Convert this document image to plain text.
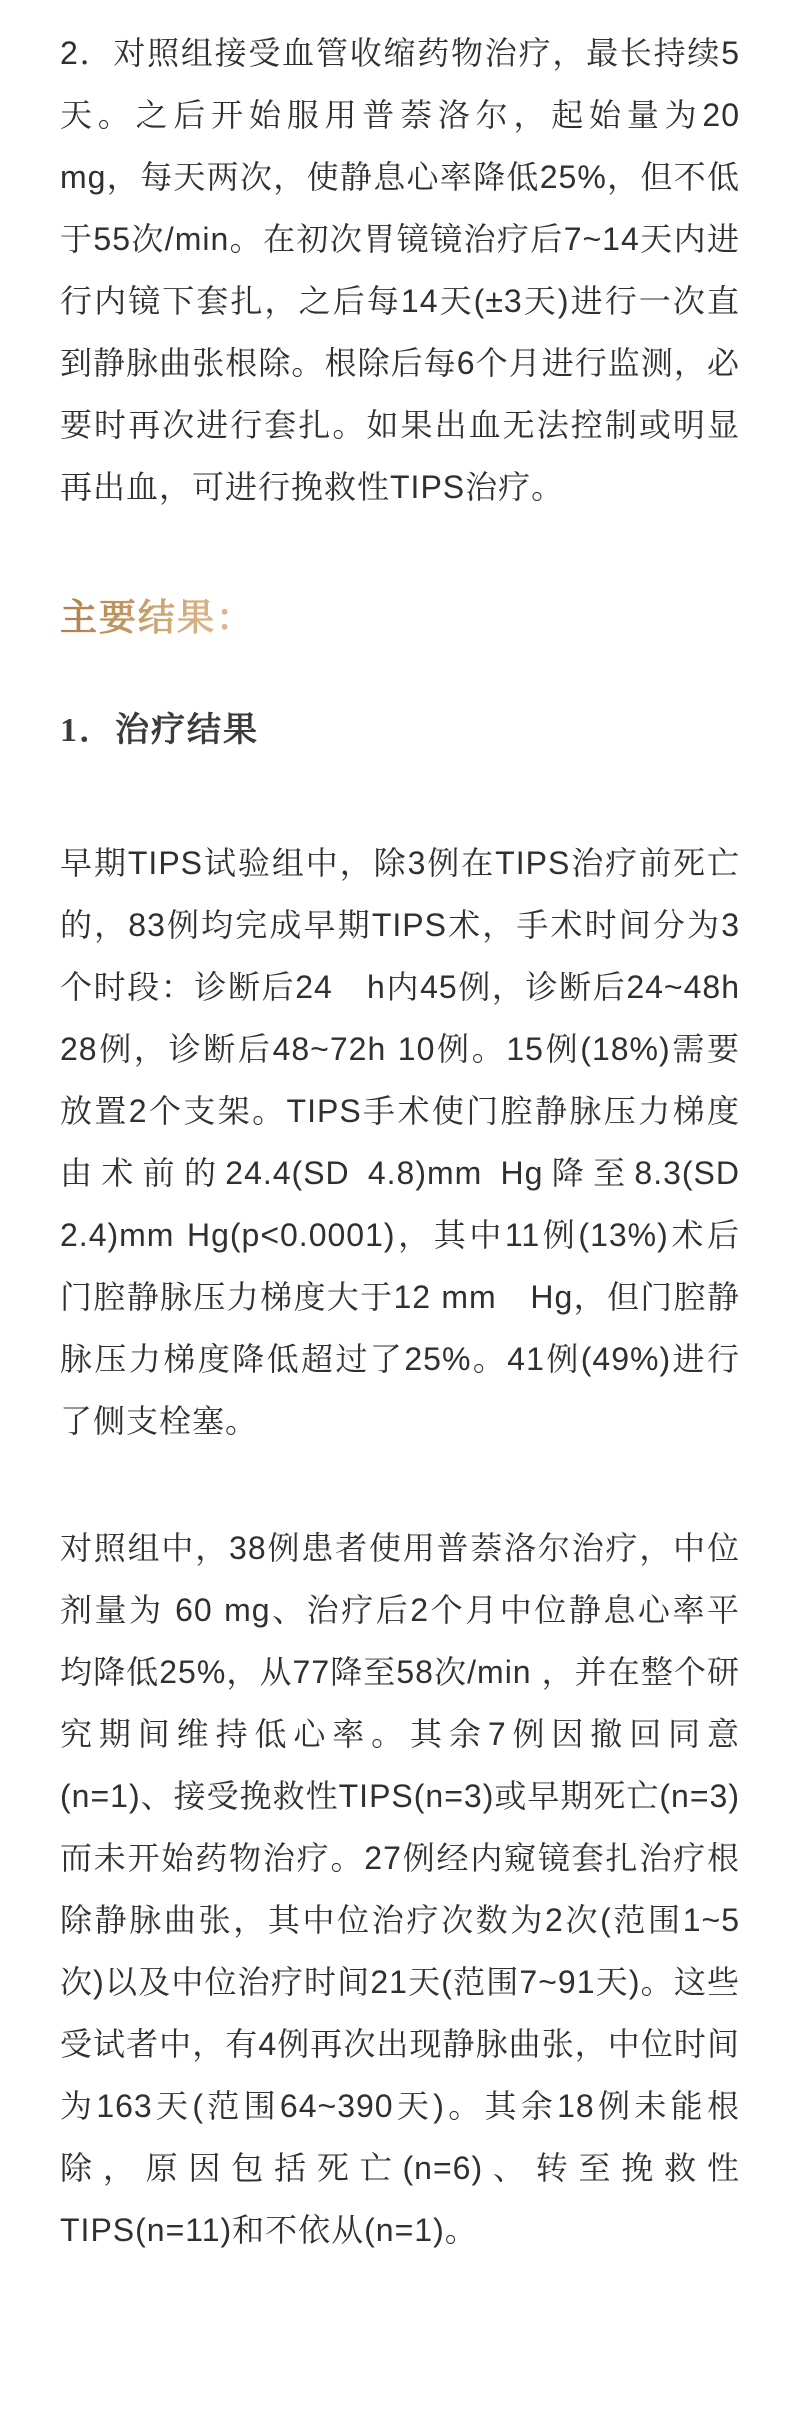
2．对照组接受血管收缩药物治疗，最长持续5天。之后开始服用普萘洛尔，起始量为20 mg，每天两次，使静息心率降低25%，但不低于55次/min。在初次胃镜镜治疗后7~14天内进行内镜下套扎，之后每14天(±3天)进行一次直到静脉曲张根除。根除后每6个月进行监测，必要时再次进行套扎。如果出血无法控制或明显再出血，可进行挽救性TIPS治疗。

主要结果：
1．治疗结果

早期TIPS试验组中，除3例在TIPS治疗前死亡的，83例均完成早期TIPS术，手术时间分为3个时段：诊断后24　h内45例，诊断后24~48h 28例，诊断后48~72h 10例。15例(18%)需要放置2个支架。TIPS手术使门腔静脉压力梯度由术前的24.4(SD 4.8)mm Hg降至8.3(SD 2.4)mm Hg(p<0.0001)，其中11例(13%)术后门腔静脉压力梯度大于12 mm　Hg，但门腔静脉压力梯度降低超过了25%。41例(49%)进行了侧支栓塞。

对照组中，38例患者使用普萘洛尔治疗，中位剂量为 60 mg、治疗后2个月中位静息心率平均降低25%，从77降至58次/min ，并在整个研究期间维持低心率。其余7例因撤回同意(n=1)、接受挽救性TIPS(n=3)或早期死亡(n=3)而未开始药物治疗。27例经内窥镜套扎治疗根除静脉曲张，其中位治疗次数为2次(范围1~5次)以及中位治疗时间21天(范围7~91天)。这些受试者中，有4例再次出现静脉曲张，中位时间为163天(范围64~390天)。其余18例未能根除，原因包括死亡(n=6)、转至挽救性TIPS(n=11)和不依从(n=1)。
